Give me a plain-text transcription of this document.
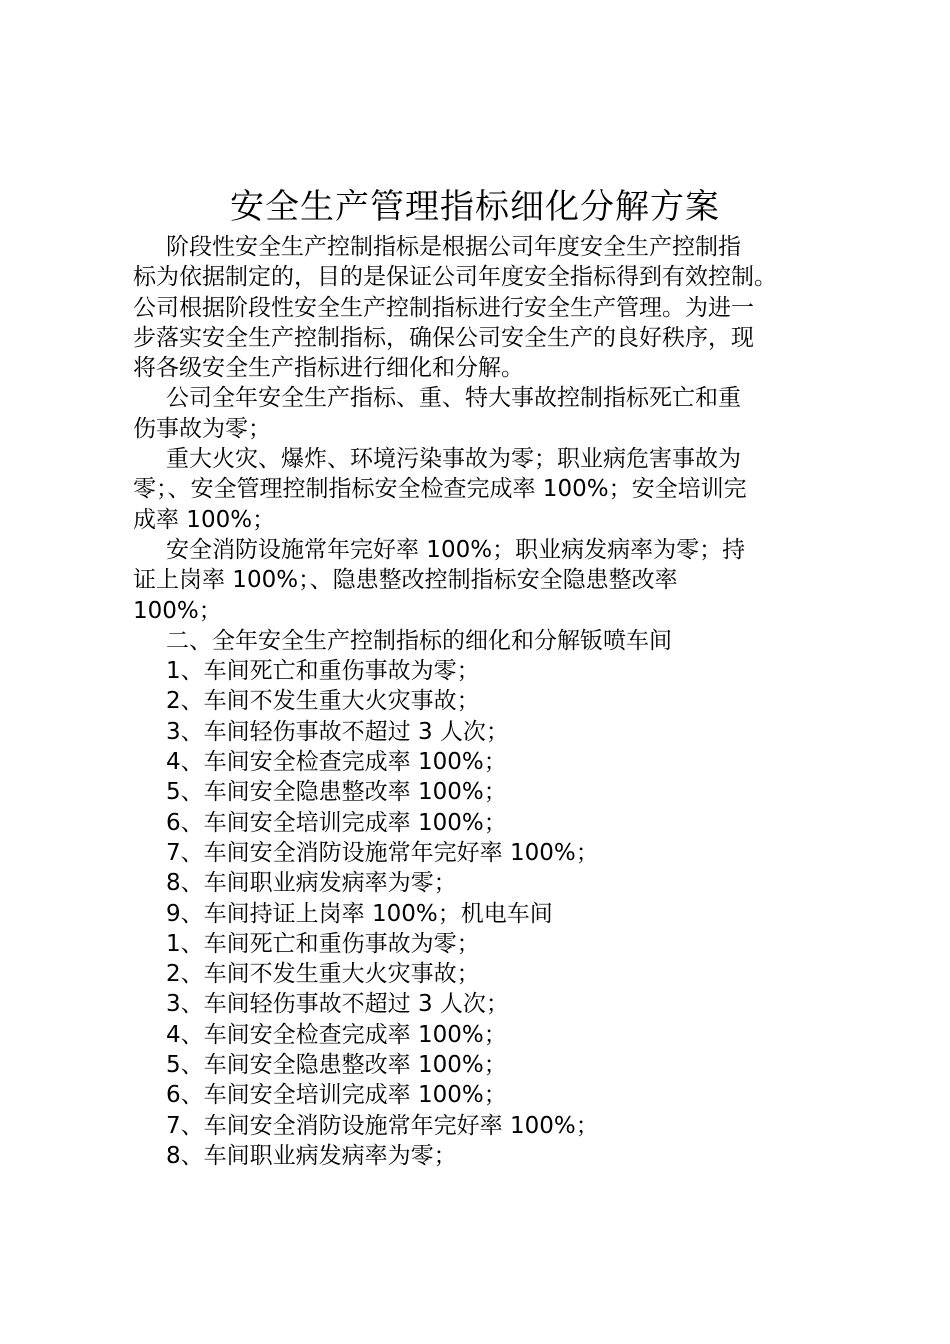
安全生产管理指标细化分解方案
阶段性安全生产控制指标是根据公司年度安全生产控制指
标为依据制定的，目的是保证公司年度安全指标得到有效控制。
公司根据阶段性安全生产控制指标进行安全生产管理。为进一
步落实安全生产控制指标，确保公司安全生产的良好秩序，现
将各级安全生产指标进行细化和分解。
公司全年安全生产指标、重、特大事故控制指标死亡和重
伤事故为零；
重大火灾、爆炸、环境污染事故为零；职业病危害事故为
零；、安全管理控制指标安全检查完成率 100%；安全培训完
成率 100%；
安全消防设施常年完好率 100%；职业病发病率为零；持
证上岗率 100%；、隐患整改控制指标安全隐患整改率
100%；
二、全年安全生产控制指标的细化和分解钣喷车间
1、车间死亡和重伤事故为零；
2、车间不发生重大火灾事故；
3、车间轻伤事故不超过 3 人次；
4、车间安全检查完成率 100%；
5、车间安全隐患整改率 100%；
6、车间安全培训完成率 100%；
7、车间安全消防设施常年完好率 100%；
8、车间职业病发病率为零；
9、车间持证上岗率 100%；机电车间
1、车间死亡和重伤事故为零；
2、车间不发生重大火灾事故；
3、车间轻伤事故不超过 3 人次；
4、车间安全检查完成率 100%；
5、车间安全隐患整改率 100%；
6、车间安全培训完成率 100%；
7、车间安全消防设施常年完好率 100%；
8、车间职业病发病率为零；
